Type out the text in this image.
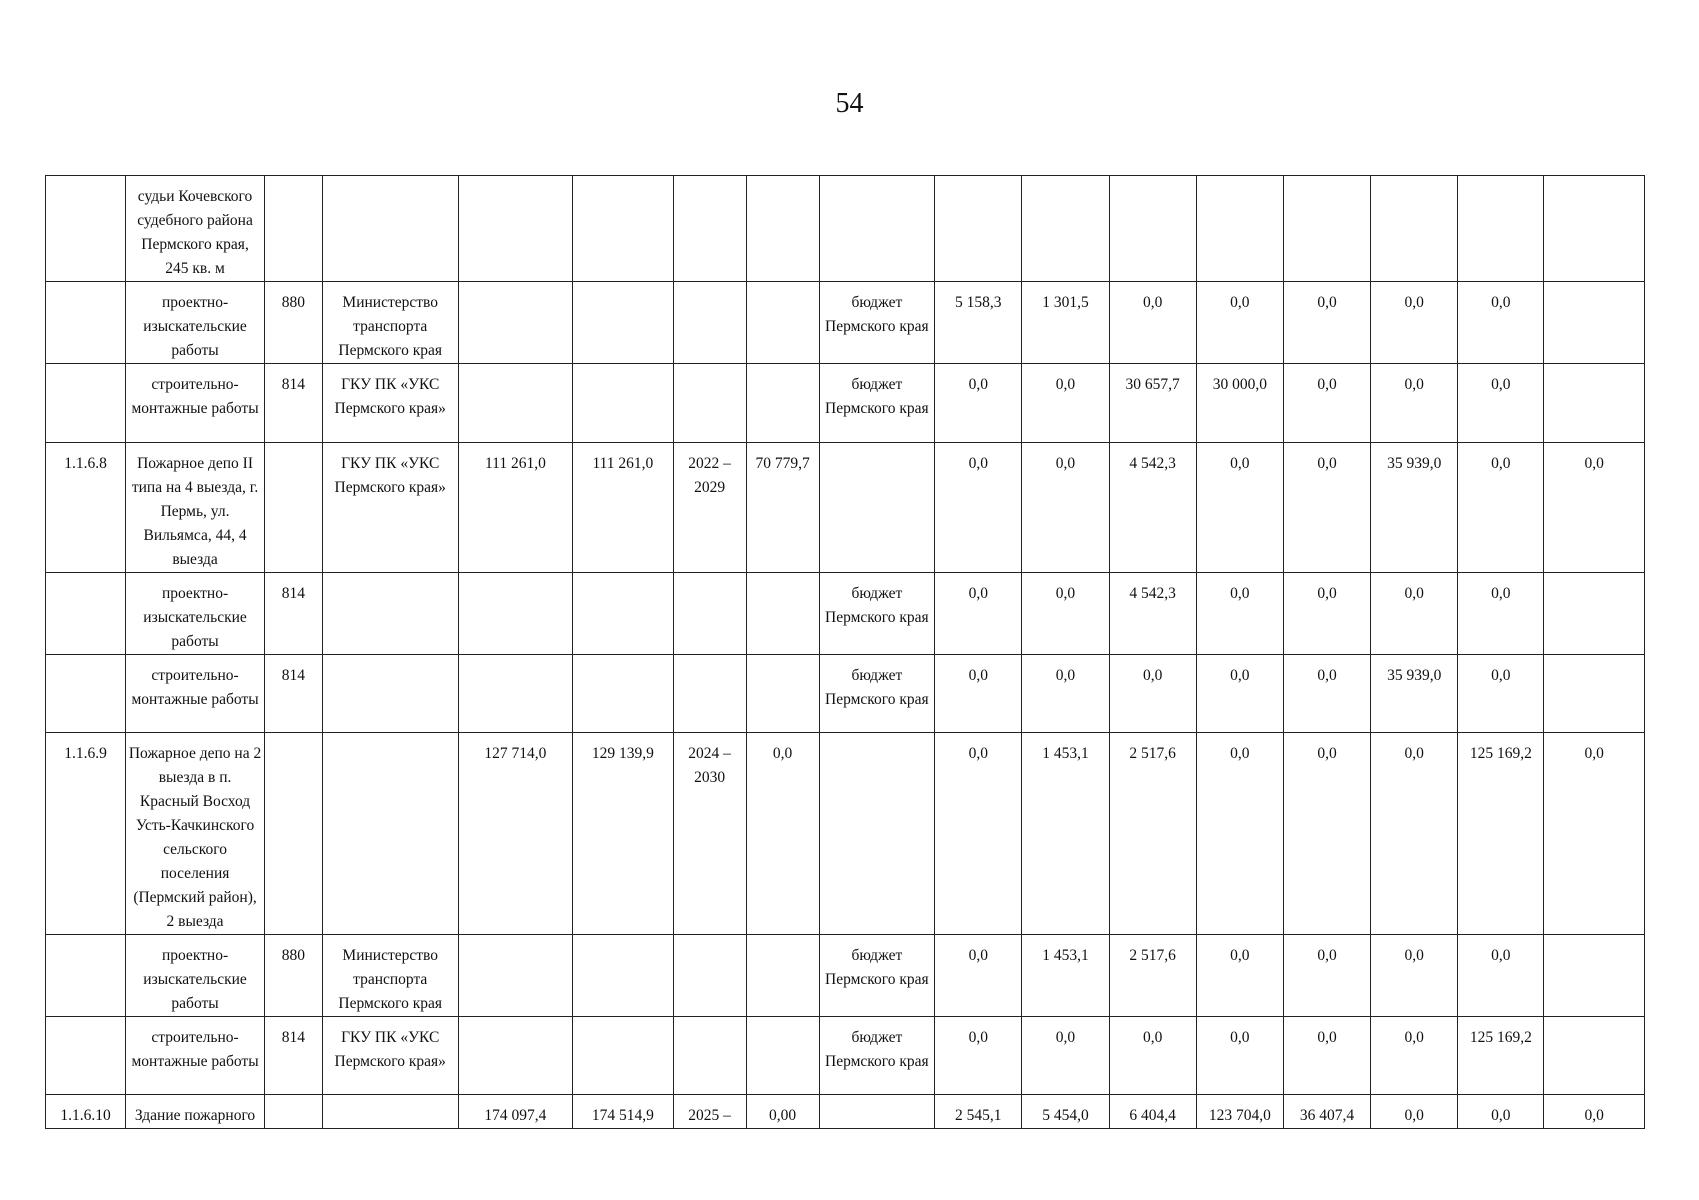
54
	судьи Кочевского судебного района Пермского края, 245 кв. м															
	проектно-изыскательские работы	880	Министерство транспорта Пермского края					бюджет Пермского края	5 158,3	1 301,5	0,0	0,0	0,0	0,0	0,0	
	строительно-монтажные работы	814	ГКУ ПК «УКС Пермского края»					бюджет Пермского края	0,0	0,0	30 657,7	30 000,0	0,0	0,0	0,0	
1.1.6.8	Пожарное депо II типа на 4 выезда, г. Пермь, ул. Вильямса, 44, 4 выезда		ГКУ ПК «УКС Пермского края»	111 261,0	111 261,0	2022 – 2029	70 779,7		0,0	0,0	4 542,3	0,0	0,0	35 939,0	0,0	0,0
	проектно-изыскательские работы	814						бюджет Пермского края	0,0	0,0	4 542,3	0,0	0,0	0,0	0,0	
	строительно-монтажные работы	814						бюджет Пермского края	0,0	0,0	0,0	0,0	0,0	35 939,0	0,0	
1.1.6.9	Пожарное депо на 2 выезда в п. Красный Восход Усть-Качкинского сельского поселения (Пермский район), 2 выезда			127 714,0	129 139,9	2024 – 2030	0,0		0,0	1 453,1	2 517,6	0,0	0,0	0,0	125 169,2	0,0
	проектно-изыскательские работы	880	Министерство транспорта Пермского края					бюджет Пермского края	0,0	1 453,1	2 517,6	0,0	0,0	0,0	0,0	
	строительно-монтажные работы	814	ГКУ ПК «УКС Пермского края»					бюджет Пермского края	0,0	0,0	0,0	0,0	0,0	0,0	125 169,2	
1.1.6.10	Здание пожарного			174 097,4	174 514,9	2025 –	0,00		2 545,1	5 454,0	6 404,4	123 704,0	36 407,4	0,0	0,0	0,0
